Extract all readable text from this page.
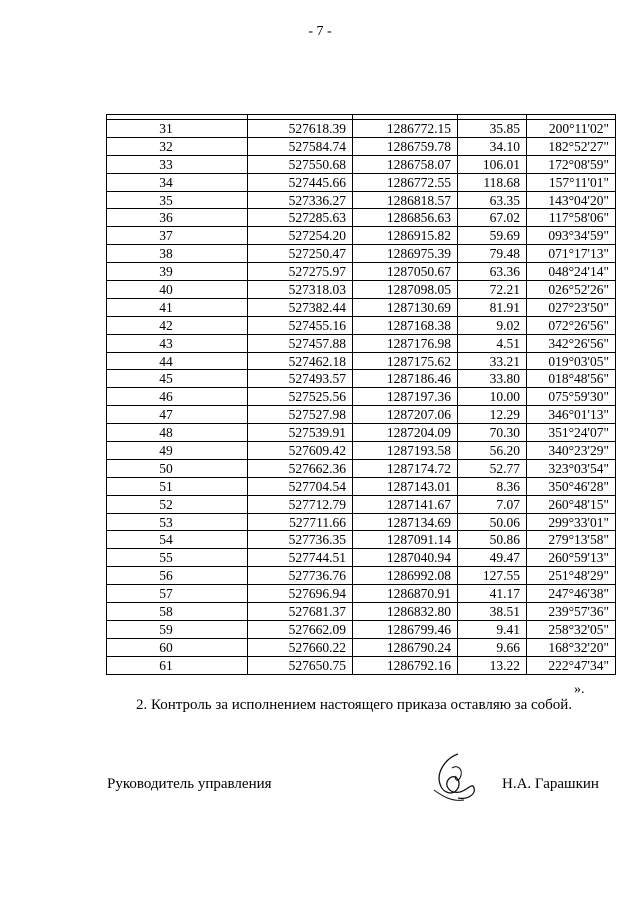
- 7 -

31	527618.39	1286772.15	35.85	200°11'02"
32	527584.74	1286759.78	34.10	182°52'27"
33	527550.68	1286758.07	106.01	172°08'59"
34	527445.66	1286772.55	118.68	157°11'01"
35	527336.27	1286818.57	63.35	143°04'20"
36	527285.63	1286856.63	67.02	117°58'06"
37	527254.20	1286915.82	59.69	093°34'59"
38	527250.47	1286975.39	79.48	071°17'13"
39	527275.97	1287050.67	63.36	048°24'14"
40	527318.03	1287098.05	72.21	026°52'26"
41	527382.44	1287130.69	81.91	027°23'50"
42	527455.16	1287168.38	9.02	072°26'56"
43	527457.88	1287176.98	4.51	342°26'56"
44	527462.18	1287175.62	33.21	019°03'05"
45	527493.57	1287186.46	33.80	018°48'56"
46	527525.56	1287197.36	10.00	075°59'30"
47	527527.98	1287207.06	12.29	346°01'13"
48	527539.91	1287204.09	70.30	351°24'07"
49	527609.42	1287193.58	56.20	340°23'29"
50	527662.36	1287174.72	52.77	323°03'54"
51	527704.54	1287143.01	8.36	350°46'28"
52	527712.79	1287141.67	7.07	260°48'15"
53	527711.66	1287134.69	50.06	299°33'01"
54	527736.35	1287091.14	50.86	279°13'58"
55	527744.51	1287040.94	49.47	260°59'13"
56	527736.76	1286992.08	127.55	251°48'29"
57	527696.94	1286870.91	41.17	247°46'38"
58	527681.37	1286832.80	38.51	239°57'36"
59	527662.09	1286799.46	9.41	258°32'05"
60	527660.22	1286790.24	9.66	168°32'20"
61	527650.75	1286792.16	13.22	222°47'34"
».
2. Контроль за исполнением настоящего приказа оставляю за собой.
Руководитель управления	Н.А. Гарашкин
